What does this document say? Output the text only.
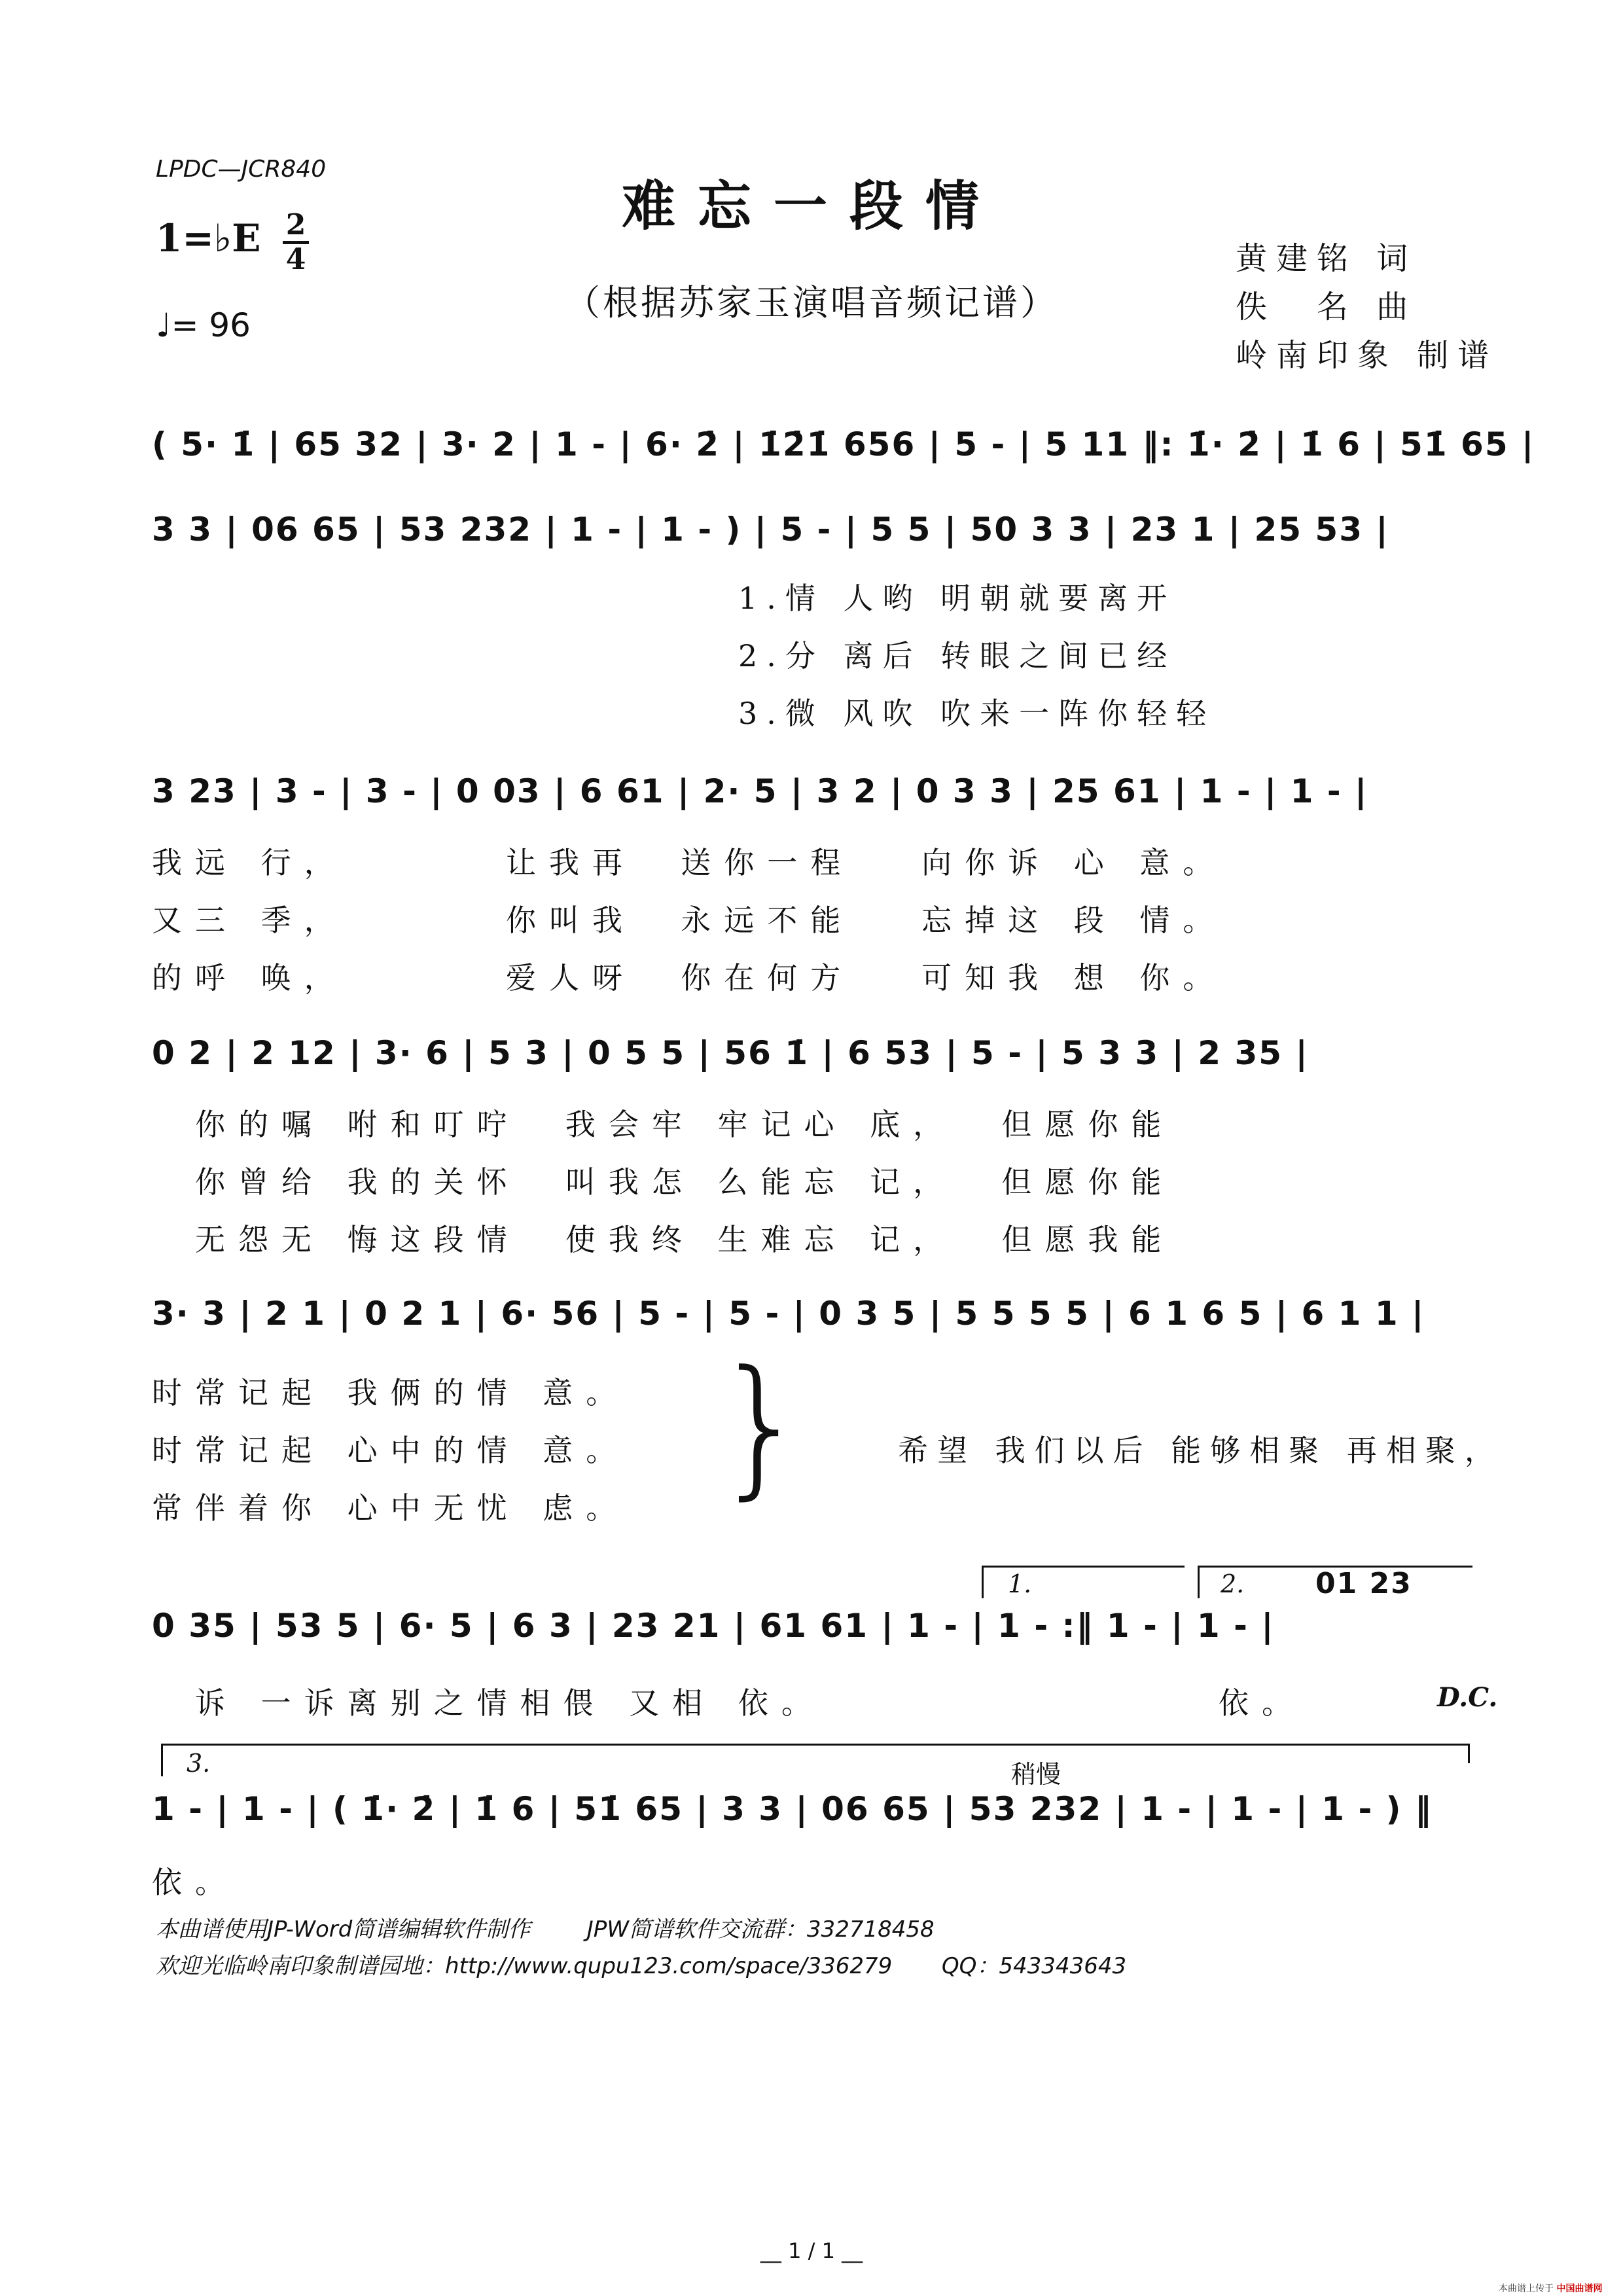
LPDC—JCR840
难忘一段情
（根据苏家玉演唱音频记谱）
1=♭E 2
4
♩= 96
黄建铭 词
佚　名 曲
岭南印象 制谱
( 5· 1̇ | 65 32 | 3· 2 | 1 - | 6· 2̇ | 1̇2̇1̇ 656 | 5 - | 5 11 ‖: 1̇· 2̇ | 1̇ 6 | 51̇ 65 |
3 3 | 06 65 | 53 232 | 1 - | 1 - ) | 5 - | 5 5 | 50 3 3 | 23 1 | 25 53 |
1.情 人哟 明朝就要离开
2.分 离后 转眼之间已经
3.微 风吹 吹来一阵你轻轻
3 23 | 3 - | 3 - | 0 03 | 6 61 | 2· 5 | 3 2 | 0 3 3 | 25 61 | 1 - | 1 - |
我远 行，       让我再  送你一程   向你诉 心 意。
又三 季，       你叫我  永远不能   忘掉这 段 情。
的呼 唤，       爱人呀  你在何方   可知我 想 你。
0 2 | 2 12 | 3· 6 | 5 3 | 0 5 5 | 56 1̇ | 6 53 | 5 - | 5 3 3 | 2 35 |
你的嘱 咐和叮咛  我会牢 牢记心 底，  但愿你能
你曾给 我的关怀  叫我怎 么能忘 记，  但愿你能
无怨无 悔这段情  使我终 生难忘 记，  但愿我能
3· 3 | 2 1 | 0 2 1 | 6· 56 | 5 - | 5 - | 0 3 5 | 5 5 5 5 | 6 1 6 5 | 6 1 1 |
时常记起 我俩的情 意。
时常记起 心中的情 意。
常伴着你 心中无忧 虑。 }	希望 我们以后 能够相聚 再相聚，
1.	2. 01 23
0 35 | 53 5 | 6· 5 | 6 3 | 23 21 | 61 61 | 1 - | 1 - :‖ 1 - | 1 - |
诉 一诉离别之情相偎 又相 依。	依。	D.C.
3.	稍慢
1 - | 1 - | ( 1̇· 2̇ | 1̇ 6 | 51̇ 65 | 3 3 | 06 65 | 53 232 | 1 - | 1 - | 1 - ) ‖
依。
本曲谱使用JP-Word简谱编辑软件制作        JPW简谱软件交流群：332718458
欢迎光临岭南印象制谱园地：http://www.qupu123.com/space/336279       QQ：543343643
__ 1 / 1 __
本曲谱上传于 中国曲谱网
